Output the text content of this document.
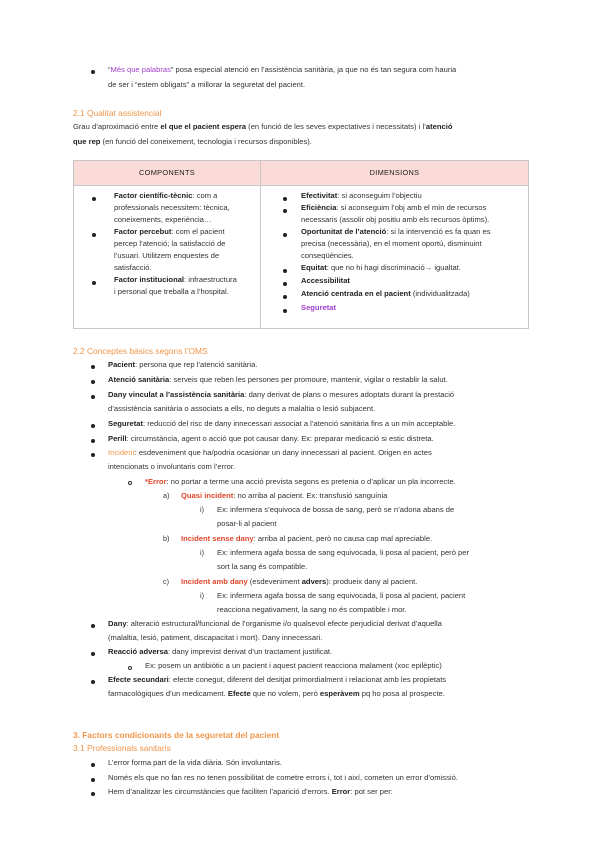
“Més que palabras” posa especial atenció en l’assistència sanitària, ja que no és tan segura com hauria
de ser i “estem obligats” a millorar la seguretat del pacient.
2.1 Qualitat assistencial
Grau d’aproximació entre el que el pacient espera (en funció de les seves expectatives i necessitats) i l’atenció
que rep (en funció del coneixement, tecnologia i recursos disponibles).
COMPONENTS	DIMENSIONS
Factor científic-tècnic: com a
professionals necessitem: tècnica,
coneixements, experiència…
Factor percebut: com el pacient
percep l’atenció; la satisfacció de
l’usuari. Utilitzem enquestes de
satisfacció.
Factor institucional: infraestructura
i personal que treballa a l’hospital.
Efectivitat: si aconseguim l’objectiu
Eficiència: si aconseguim l’obj amb el mín de recursos
necessaris (assolir obj positiu amb els recursos òptims).
Oportunitat de l’atenció: si la intervenció es fa quan es
precisa (necessària), en el moment oportú, disminuint
conseqüències.
Equitat: que no hi hagi discriminació→ igualtat.
Accessibilitat
Atenció centrada en el pacient (individualitzada)
Seguretat
2.2 Conceptes bàsics segons l’OMS
Pacient: persona que rep l’atenció sanitària.
Atenció sanitària: serveis que reben les persones per promoure, mantenir, vigilar o restablir la salut.
Dany vinculat a l’assistència sanitària: dany derivat de plans o mesures adoptats durant la prestació
d’assistència sanitària o associats a ells, no deguts a malaltia o lesió subjacent.
Seguretat: reducció del risc de dany innecessari associat a l’atenció sanitària fins a un mín acceptable.
Perill: circumstància, agent o acció que pot causar dany. Ex: preparar medicació si estic distreta.
Incident: esdeveniment que ha/podria ocasionar un dany innecessari al pacient. Origen en actes
intencionats o involuntaris com l’error.
*Error: no portar a terme una acció prevista segons es pretenia o d’aplicar un pla incorrecte.
a) Quasi incident: no arriba al pacient. Ex: transfusió sanguínia
i) Ex: infermera s’equivoca de bossa de sang, però se n’adona abans de
posar-li al pacient
b) Incident sense dany: arriba al pacient, però no causa cap mal apreciable.
i) Ex: infermera agafa bossa de sang equivocada, li posa al pacient, però per
sort la sang és compatible.
c) Incident amb dany (esdeveniment advers): produeix dany al pacient.
i) Ex: infermera agafa bossa de sang equivocada, li posa al pacient, pacient
reacciona negativament, la sang no és compatible i mor.
Dany: alteració estructural/funcional de l’organisme i/o qualsevol efecte perjudicial derivat d’aquella
(malaltia, lesió, patiment, discapacitat i mort). Dany innecessari.
Reacció adversa: dany imprevist derivat d’un tractament justificat.
Ex: posem un antibiòtic a un pacient i aquest pacient reacciona malament (xoc epilèptic)
Efecte secundari: efecte conegut, diferent del desitjat primordialment i relacionat amb les propietats
farmacològiques d’un medicament. Efecte que no volem, però esperàvem pq ho posa al prospecte.
3. Factors condicionants de la seguretat del pacient
3.1 Professionals sanitaris
L’error forma part de la vida diària. Són involuntaris.
Només els que no fan res no tenen possibilitat de cometre errors i, tot i així, cometen un error d’omissió.
Hem d’analitzar les circumstàncies que faciliten l’aparició d’errors. Error: pot ser per:
